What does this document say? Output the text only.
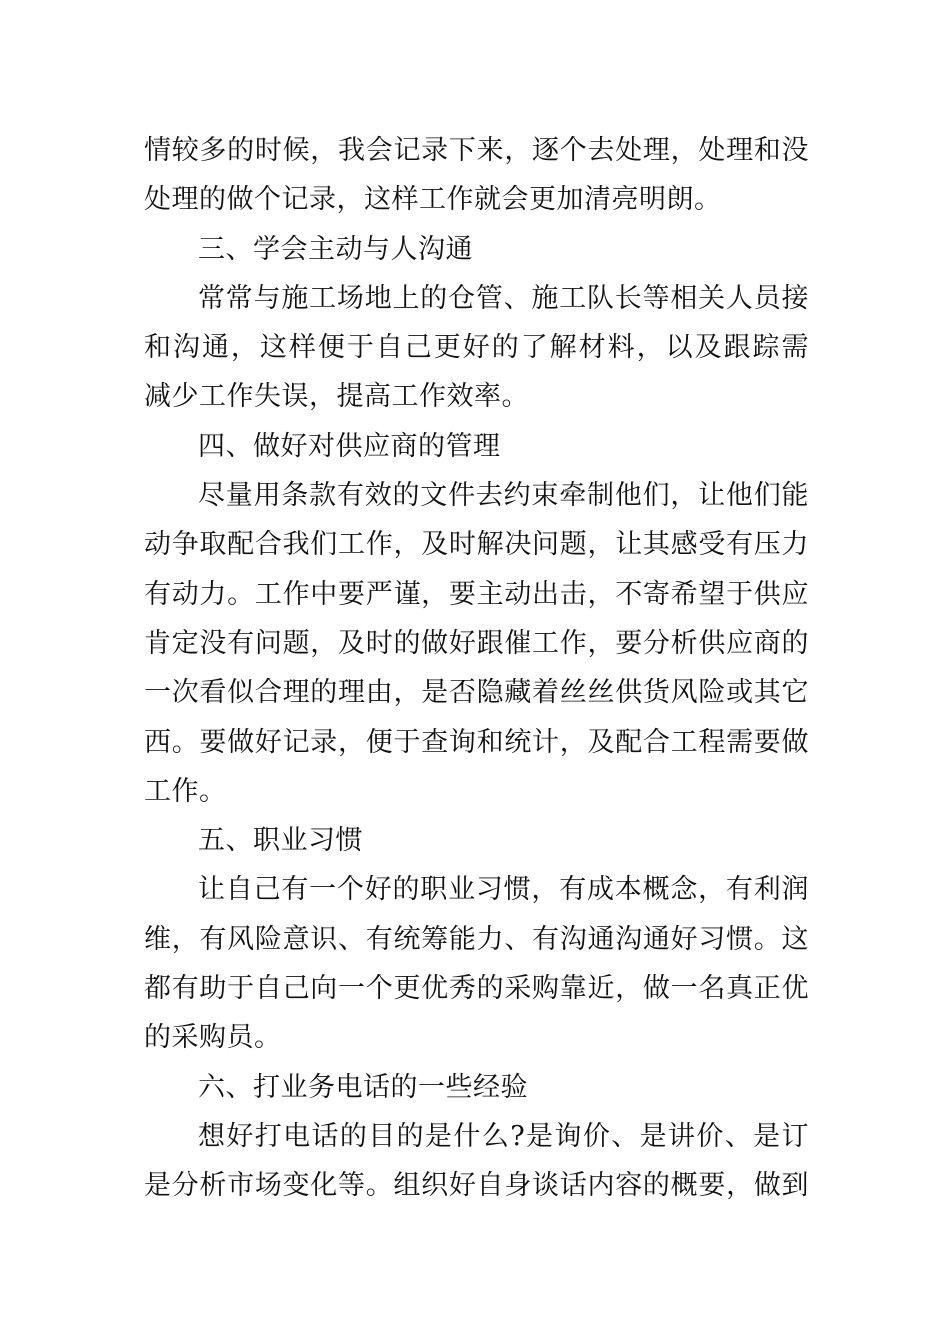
情较多的时候，我会记录下来，逐个去处理，处理和没
处理的做个记录，这样工作就会更加清亮明朗。
三、学会主动与人沟通
常常与施工场地上的仓管、施工队长等相关人员接
和沟通，这样便于自己更好的了解材料，以及跟踪需
减少工作失误，提高工作效率。
四、做好对供应商的管理
尽量用条款有效的文件去约束牵制他们，让他们能
动争取配合我们工作，及时解决问题，让其感受有压力
有动力。工作中要严谨，要主动出击，不寄希望于供应
肯定没有问题，及时的做好跟催工作，要分析供应商的
一次看似合理的理由，是否隐藏着丝丝供货风险或其它
西。要做好记录，便于查询和统计，及配合工程需要做
工作。
五、职业习惯
让自己有一个好的职业习惯，有成本概念，有利润
维，有风险意识、有统筹能力、有沟通沟通好习惯。这
都有助于自己向一个更优秀的采购靠近，做一名真正优
的采购员。
六、打业务电话的一些经验
想好打电话的目的是什么?是询价、是讲价、是订
是分析市场变化等。组织好自身谈话内容的概要，做到
